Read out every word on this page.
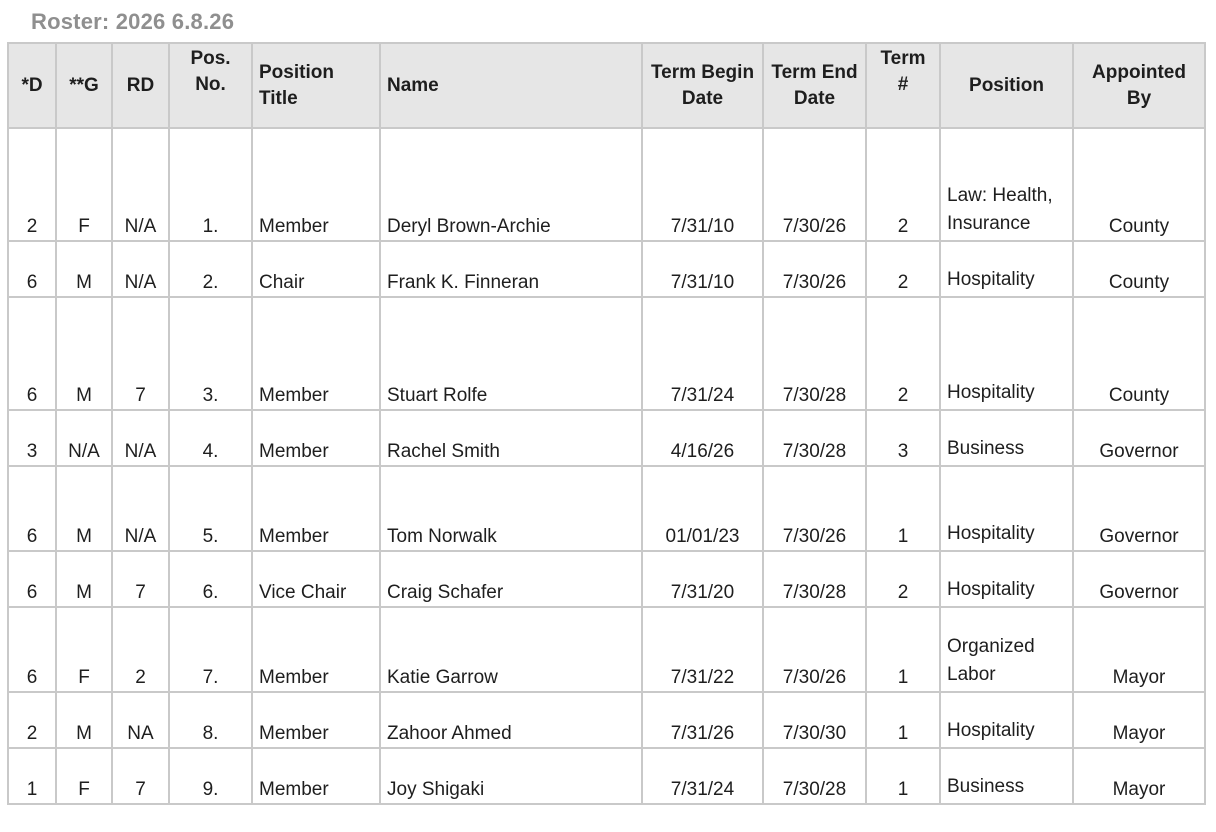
Roster: 2026 6.8.26
*D	**G	RD	Pos. No.	Position Title	Name	Term Begin Date	Term End Date	Term #	Position	Appointed By
2	F	N/A	1.	Member	Deryl Brown-Archie	7/31/10	7/30/26	2	Law: Health, Insurance	County
6	M	N/A	2.	Chair	Frank K. Finneran	7/31/10	7/30/26	2	Hospitality	County
6	M	7	3.	Member	Stuart Rolfe	7/31/24	7/30/28	2	Hospitality	County
3	N/A	N/A	4.	Member	Rachel Smith	4/16/26	7/30/28	3	Business	Governor
6	M	N/A	5.	Member	Tom Norwalk	01/01/23	7/30/26	1	Hospitality	Governor
6	M	7	6.	Vice Chair	Craig Schafer	7/31/20	7/30/28	2	Hospitality	Governor
6	F	2	7.	Member	Katie Garrow	7/31/22	7/30/26	1	Organized Labor	Mayor
2	M	NA	8.	Member	Zahoor Ahmed	7/31/26	7/30/30	1	Hospitality	Mayor
1	F	7	9.	Member	Joy Shigaki	7/31/24	7/30/28	1	Business	Mayor
